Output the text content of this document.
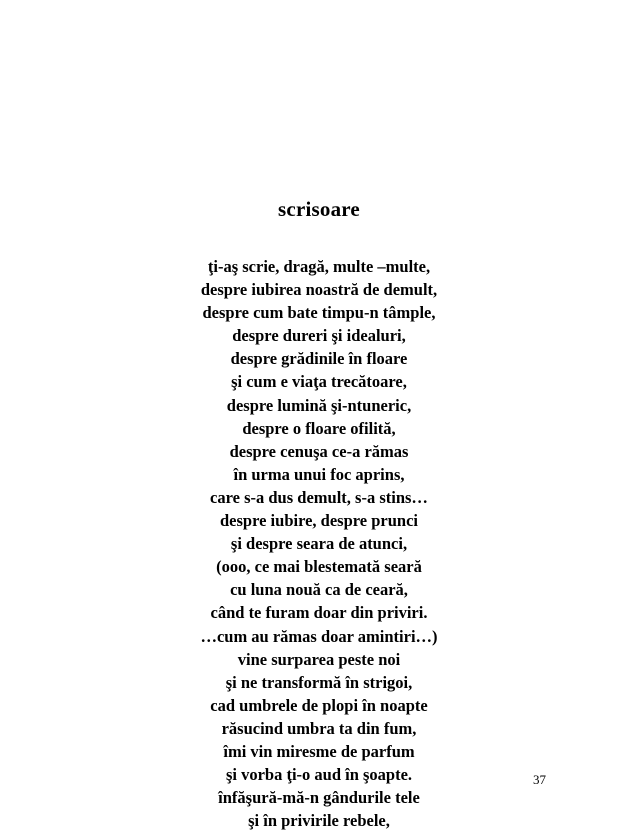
scrisoare
ţi-aş scrie, dragă, multe –multe,
despre iubirea noastră de demult,
despre cum bate timpu-n tâmple,
despre dureri şi idealuri,
despre grădinile în floare
şi cum e viaţa trecătoare,
despre lumină şi-ntuneric,
despre o floare ofilită,
despre cenuşa ce-a rămas
în urma unui foc aprins,
care s-a dus demult, s-a stins…
despre iubire, despre prunci
şi despre seara de atunci,
(ooo, ce mai blestemată seară
cu luna nouă ca de ceară,
când te furam doar din priviri.
…cum au rămas doar amintiri…)
vine surparea peste noi
şi ne transformă în strigoi,
cad umbrele de plopi în noapte
răsucind umbra ta din fum,
îmi vin miresme de parfum
şi vorba ţi-o aud în şoapte.
înfăşură-mă-n gândurile tele
şi în privirile rebele,
37
